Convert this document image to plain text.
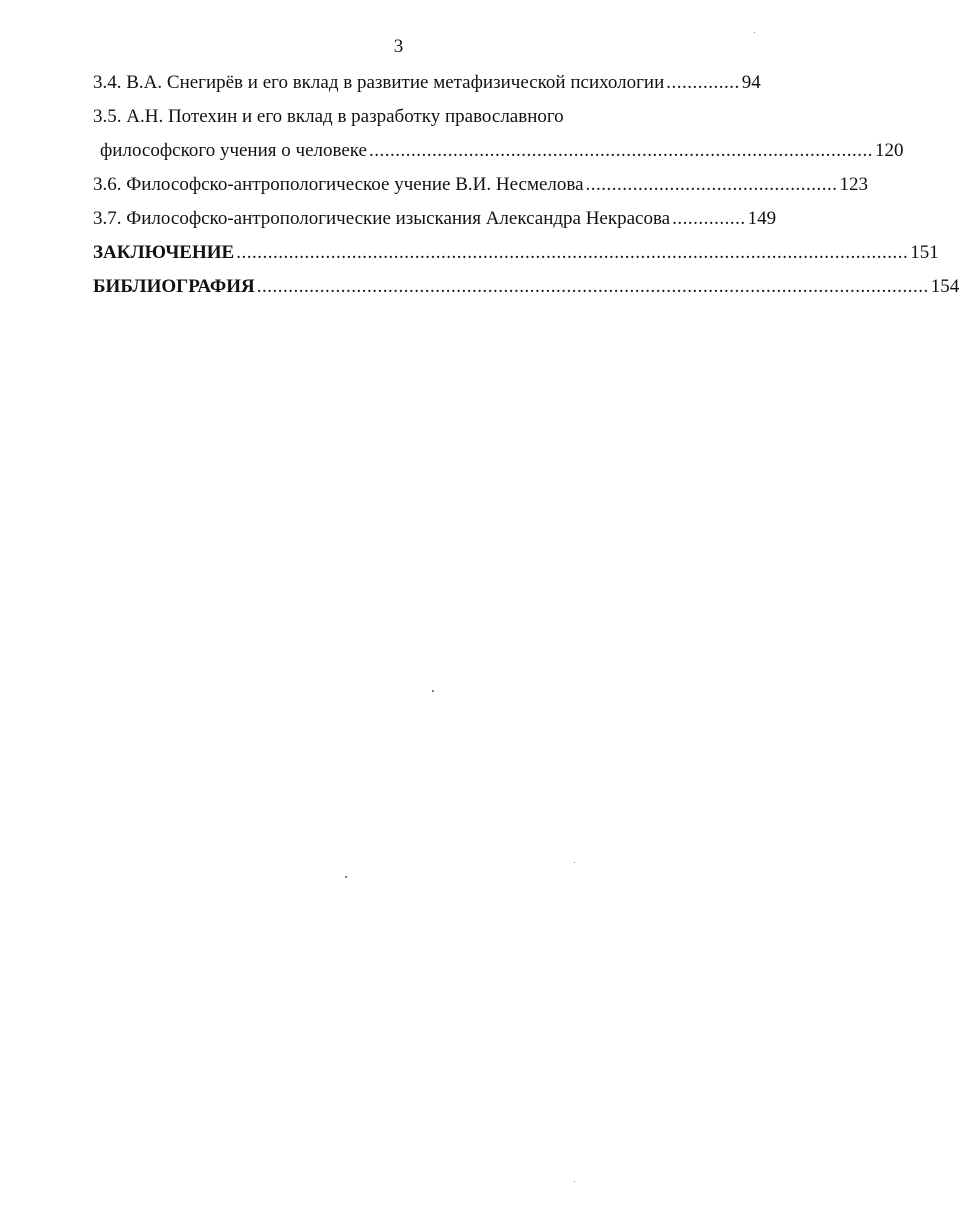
3
3.4. В.А. Снегирёв и его вклад в развитие метафизической психологии .............. 94
3.5. А.Н. Потехин и его вклад в разработку православного
философского учения о человеке ................................................................................................ 120
3.6. Философско-антропологическое учение В.И. Несмелова ................................................ 123
3.7. Философско-антропологические изыскания Александра Некрасова .............. 149
ЗАКЛЮЧЕНИЕ ................................................................................................................................ 151
БИБЛИОГРАФИЯ ................................................................................................................................ 154
